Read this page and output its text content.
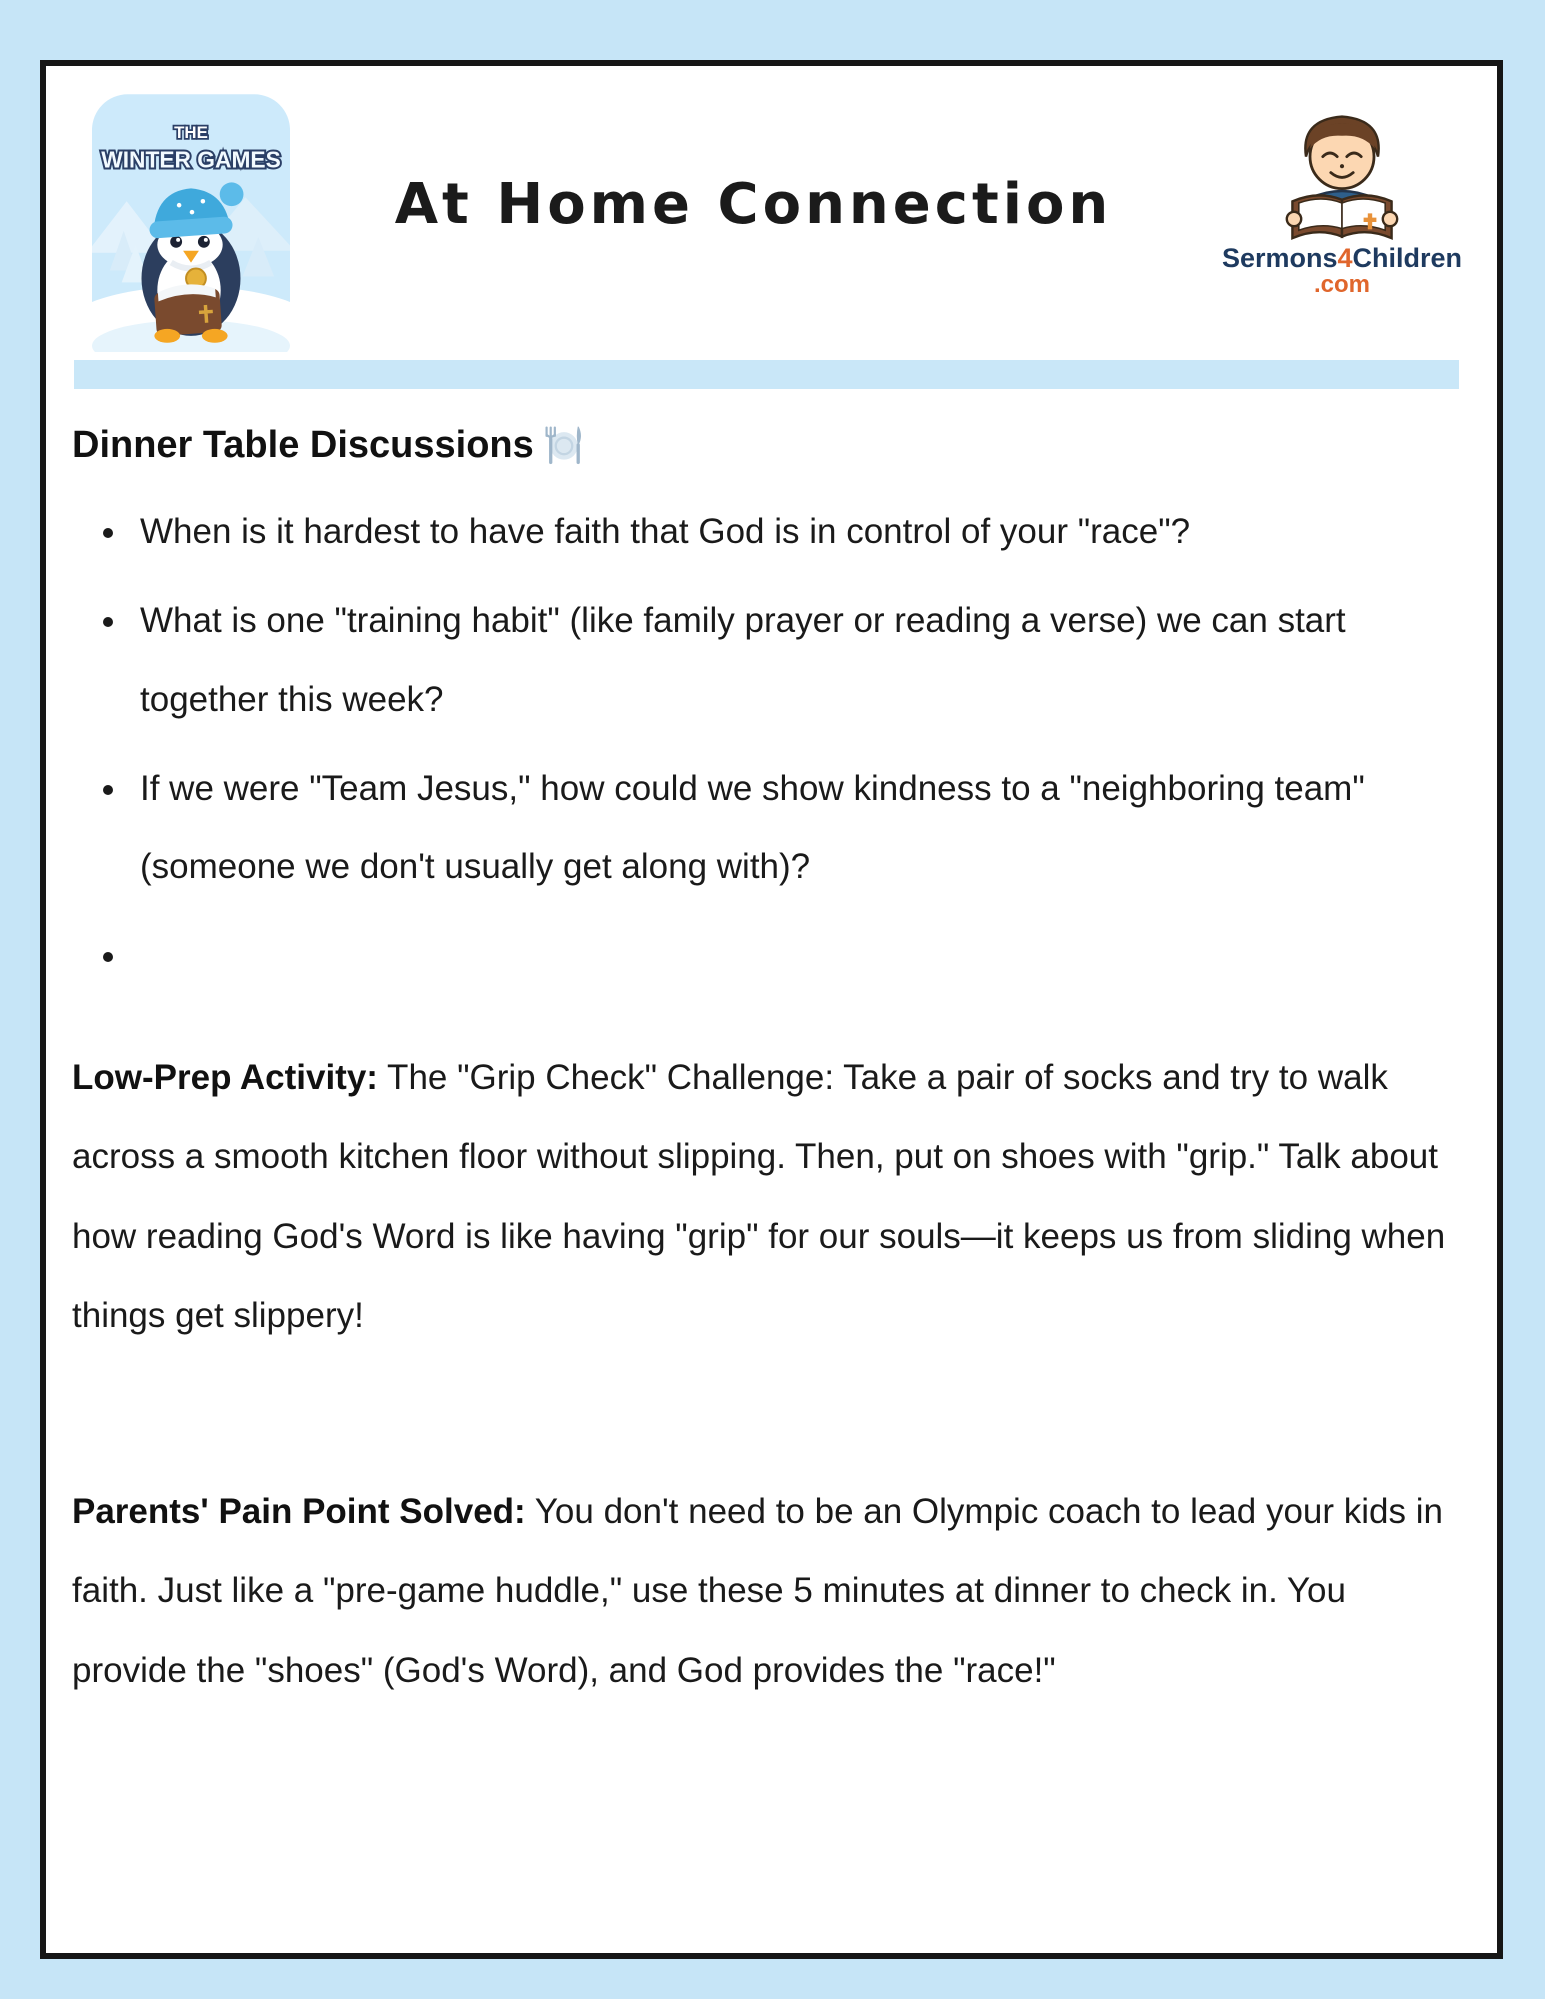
THE
WINTER GAMES
At Home Connection
Sermons4Children
.com
Dinner Table Discussions
• When is it hardest to have faith that God is in control of your "race"?
• What is one "training habit" (like family prayer or reading a verse) we can start together this week?
• If we were "Team Jesus," how could we show kindness to a "neighboring team" (someone we don't usually get along with)?
•

Low-Prep Activity: The "Grip Check" Challenge: Take a pair of socks and try to walk across a smooth kitchen floor without slipping. Then, put on shoes with "grip." Talk about how reading God's Word is like having "grip" for our souls—it keeps us from sliding when things get slippery!

Parents' Pain Point Solved: You don't need to be an Olympic coach to lead your kids in faith. Just like a "pre-game huddle," use these 5 minutes at dinner to check in. You provide the "shoes" (God's Word), and God provides the "race!"
